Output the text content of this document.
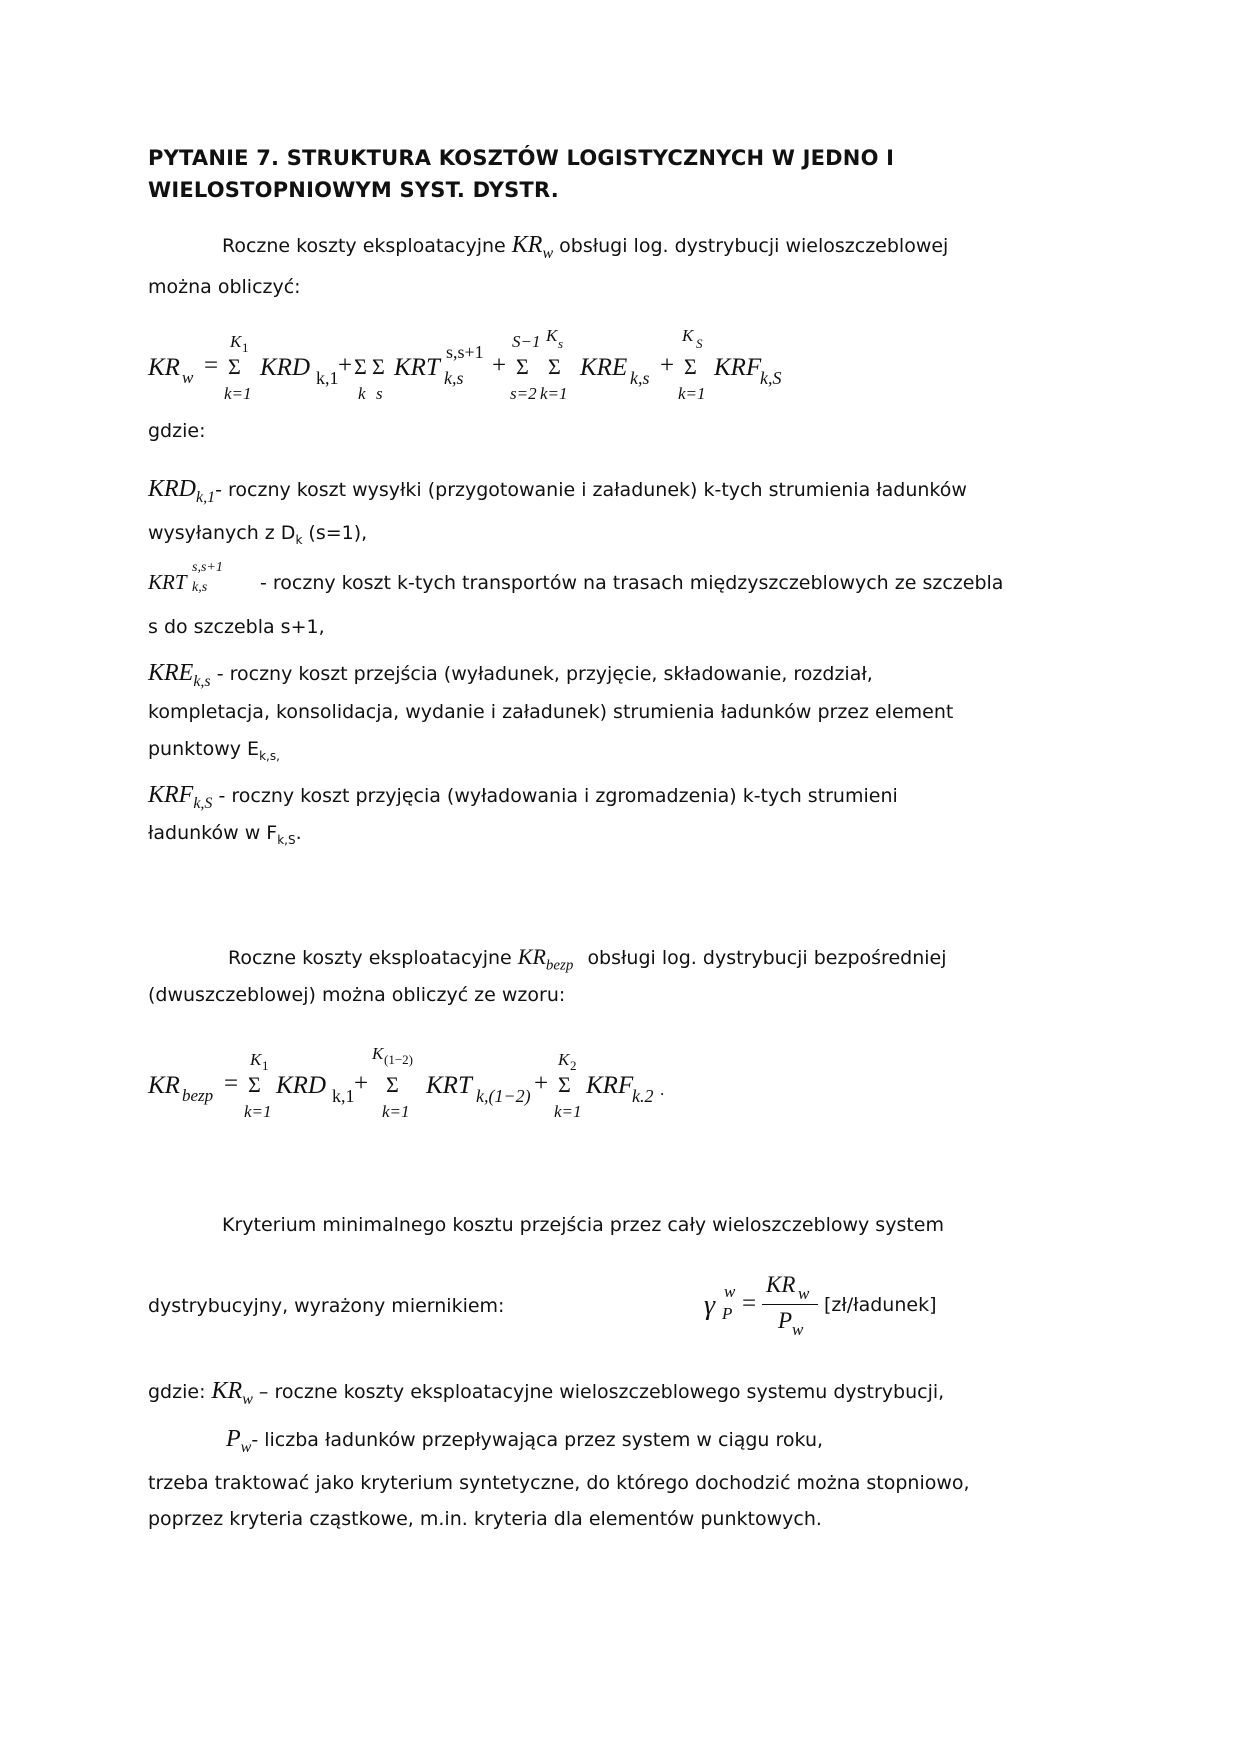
PYTANIE 7. STRUKTURA KOSZTÓW LOGISTYCZNYCH W JEDNO I
WIELOSTOPNIOWYM SYST. DYSTR.
Roczne koszty eksploatacyjne $KR_w$ obsługi log. dystrybucji wieloszczeblowej
można obliczyć:
KR w =
K 1
Σ
k=1
KRD k,1 + Σ Σ
k s
KRT
s,s+1
k,s +
S−1 K s
Σ Σ
s=2 k=1
KRE k,s +
K S
Σ
k=1
KRF
k,S
gdzie:
$KRD_{k,1}-$ roczny koszt wysyłki (przygotowanie i załadunek) k-tych strumienia ładunków
wysyłanych z $D_k$ (s=1),
KRT
s,s+1
k,s	- roczny koszt k-tych transportów na trasach międzyszczeblowych ze szczebla
s do szczebla s+1,
$KRE_{k,s}$ - roczny koszt przejścia (wyładunek, przyjęcie, składowanie, rozdział,
kompletacja, konsolidacja, wydanie i załadunek) strumienia ładunków przez element
punktowy $E_{k,s,}$
$KRF_{k,S}$ - roczny koszt przyjęcia (wyładowania i zgromadzenia) k-tych strumieni
ładunków w $F_{k,S}$.
Roczne koszty eksploatacyjne $KR_{bezp}$ obsługi log. dystrybucji bezpośredniej
(dwuszczeblowej) można obliczyć ze wzoru:
KR bezp =
K 1
Σ
k=1
KRD k,1 +
K (1−2)
Σ
k=1
KRT k,(1−2) +
K 2
Σ
k=1
KRF
k.2 .
Kryterium minimalnego kosztu przejścia przez cały wieloszczeblowy system
dystrybucyjny, wyrażony miernikiem:	γ w
P =
KR w
P w
[zł/ładunek]
gdzie: $KR_w$ – roczne koszty eksploatacyjne wieloszczeblowego systemu dystrybucji,
$P_w-$ liczba ładunków przepływająca przez system w ciągu roku,
trzeba traktować jako kryterium syntetyczne, do którego dochodzić można stopniowo,
poprzez kryteria cząstkowe, m.in. kryteria dla elementów punktowych.
